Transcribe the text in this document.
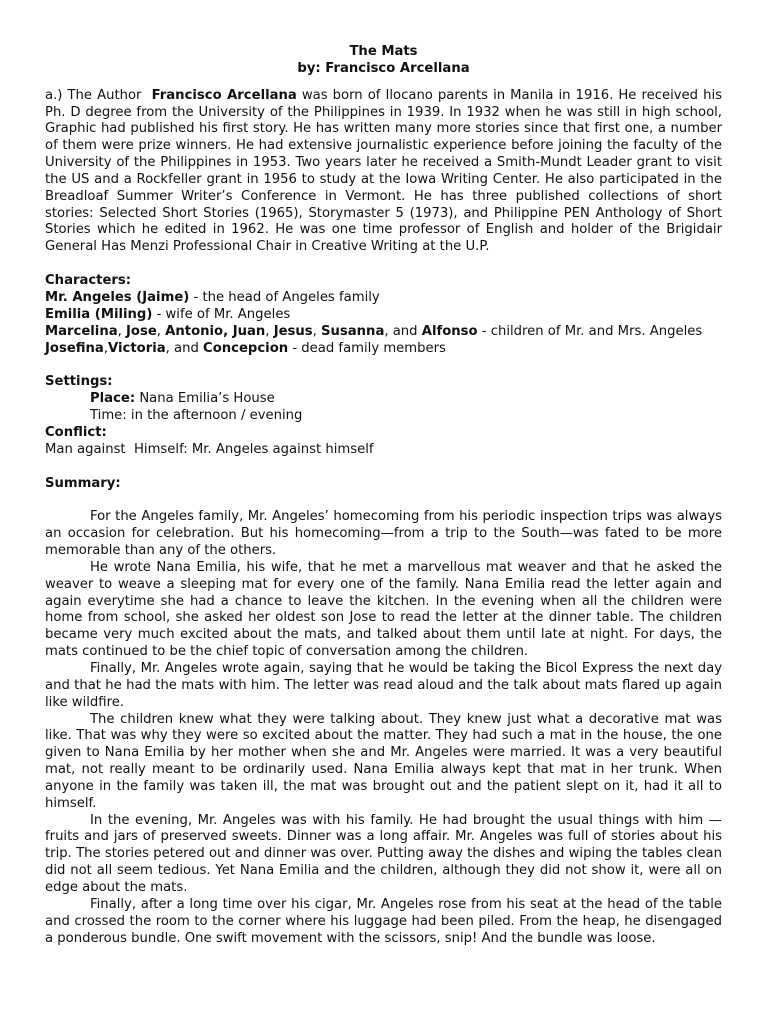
The Mats

by: Francisco Arcellana

a.) The Author  Francisco Arcellana was born of Ilocano parents in Manila in 1916. He received his Ph. D degree from the University of the Philippines in 1939. In 1932 when he was still in high school, Graphic had published his first story. He has written many more stories since that first one, a number of them were prize winners. He had extensive journalistic experience before joining the faculty of the University of the Philippines in 1953. Two years later he received a Smith-Mundt Leader grant to visit the US and a Rockfeller grant in 1956 to study at the Iowa Writing Center. He also participated in the Breadloaf Summer Writer’s Conference in Vermont. He has three published collections of short stories: Selected Short Stories (1965), Storymaster 5 (1973), and Philippine PEN Anthology of Short Stories which he edited in 1962. He was one time professor of English and holder of the Brigidair General Has Menzi Professional Chair in Creative Writing at the U.P.

Characters:

Mr. Angeles (Jaime) - the head of Angeles family

Emilia (Miling) - wife of Mr. Angeles

Marcelina, Jose, Antonio, Juan, Jesus, Susanna, and Alfonso - children of Mr. and Mrs. Angeles

Josefina,Victoria, and Concepcion - dead family members

Settings:

Place: Nana Emilia’s House

Time: in the afternoon / evening

Conflict:

Man against  Himself: Mr. Angeles against himself

Summary:

For the Angeles family, Mr. Angeles’ homecoming from his periodic inspection trips was always an occasion for celebration. But his homecoming—from a trip to the South—was fated to be more memorable than any of the others.

He wrote Nana Emilia, his wife, that he met a marvellous mat weaver and that he asked the weaver to weave a sleeping mat for every one of the family. Nana Emilia read the letter again and again everytime she had a chance to leave the kitchen. In the evening when all the children were home from school, she asked her oldest son Jose to read the letter at the dinner table. The children became very much excited about the mats, and talked about them until late at night. For days, the mats continued to be the chief topic of conversation among the children.

Finally, Mr. Angeles wrote again, saying that he would be taking the Bicol Express the next day and that he had the mats with him. The letter was read aloud and the talk about mats flared up again like wildfire.

The children knew what they were talking about. They knew just what a decorative mat was like. That was why they were so excited about the matter. They had such a mat in the house, the one given to Nana Emilia by her mother when she and Mr. Angeles were married. It was a very beautiful mat, not really meant to be ordinarily used. Nana Emilia always kept that mat in her trunk. When anyone in the family was taken ill, the mat was brought out and the patient slept on it, had it all to himself.

In the evening, Mr. Angeles was with his family. He had brought the usual things with him —fruits and jars of preserved sweets. Dinner was a long affair. Mr. Angeles was full of stories about his trip. The stories petered out and dinner was over. Putting away the dishes and wiping the tables clean did not all seem tedious. Yet Nana Emilia and the children, although they did not show it, were all on edge about the mats.

Finally, after a long time over his cigar, Mr. Angeles rose from his seat at the head of the table and crossed the room to the corner where his luggage had been piled. From the heap, he disengaged a ponderous bundle. One swift movement with the scissors, snip! And the bundle was loose.
